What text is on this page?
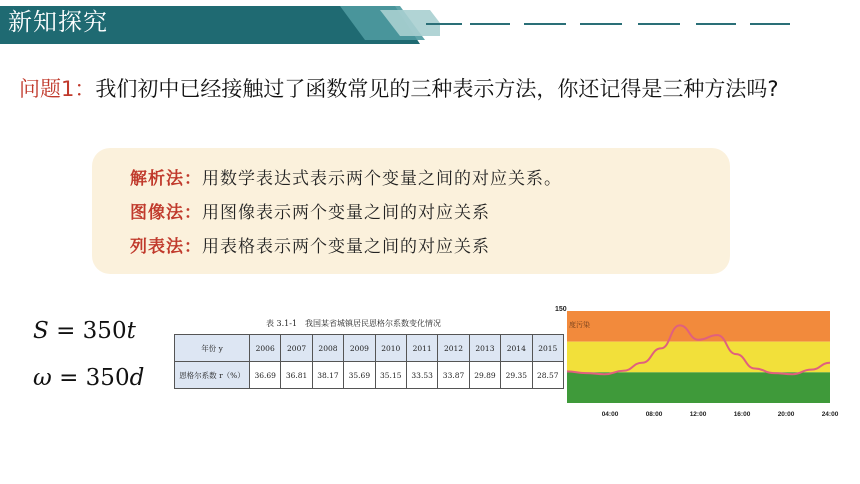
新知探究
问题1：我们初中已经接触过了函数常见的三种表示方法，你还记得是三种方法吗?
解析法：用数学表达式表示两个变量之间的对应关系。
图像法：用图像表示两个变量之间的对应关系
列表法：用表格表示两个变量之间的对应关系
S = 350t
ω = 350d
表 3.1-1　我国某省城镇居民恩格尔系数变化情况
年份 y	2006	2007	2008	2009	2010	2011	2012	2013	2014	2015
恩格尔系数 r（%）	36.69	36.81	38.17	35.69	35.15	33.53	33.87	29.89	29.35	28.57
150
度污染
04:00	08:00	12:00	16:00	20:00	24:00
